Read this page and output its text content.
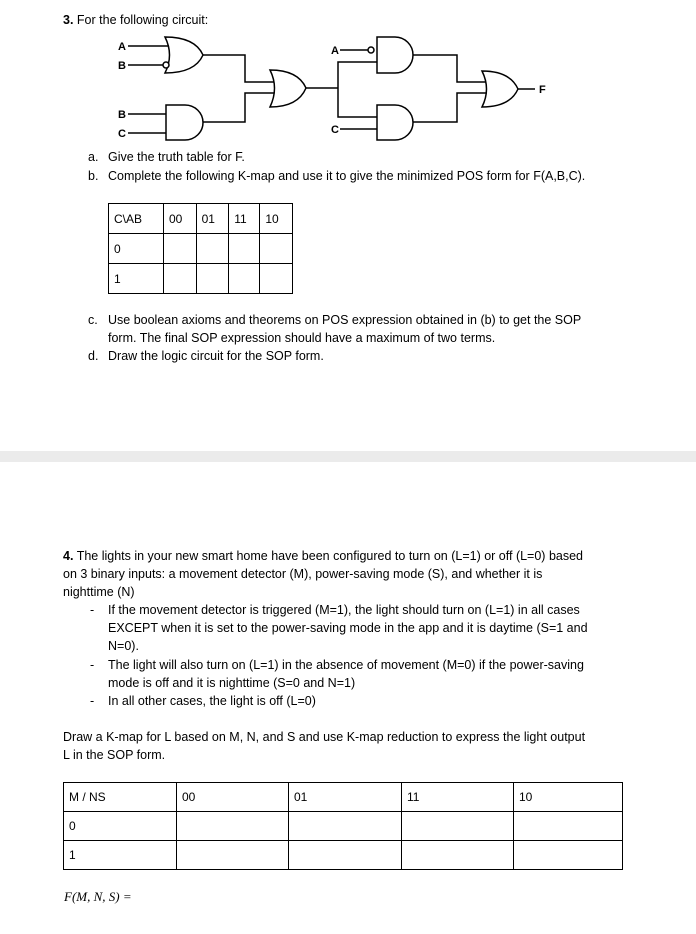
3. For the following circuit:
A
B
B
C
A
C
F
a. Give the truth table for F.
b. Complete the following K-map and use it to give the minimized POS form for F(A,B,C).
C\AB	00	01	11	10
0				
1				
c. Use boolean axioms and theorems on POS expression obtained in (b) to get the SOP
form. The final SOP expression should have a maximum of two terms.
d. Draw the logic circuit for the SOP form.
4. The lights in your new smart home have been configured to turn on (L=1) or off (L=0) based
on 3 binary inputs: a movement detector (M), power-saving mode (S), and whether it is
nighttime (N)
- If the movement detector is triggered (M=1), the light should turn on (L=1) in all cases
EXCEPT when it is set to the power-saving mode in the app and it is daytime (S=1 and
N=0).
- The light will also turn on (L=1) in the absence of movement (M=0) if the power-saving
mode is off and it is nighttime (S=0 and N=1)
- In all other cases, the light is off (L=0)
Draw a K-map for L based on M, N, and S and use K-map reduction to express the light output
L in the SOP form.
M / NS	00	01	11	10
0				
1				
F(M, N, S) =
